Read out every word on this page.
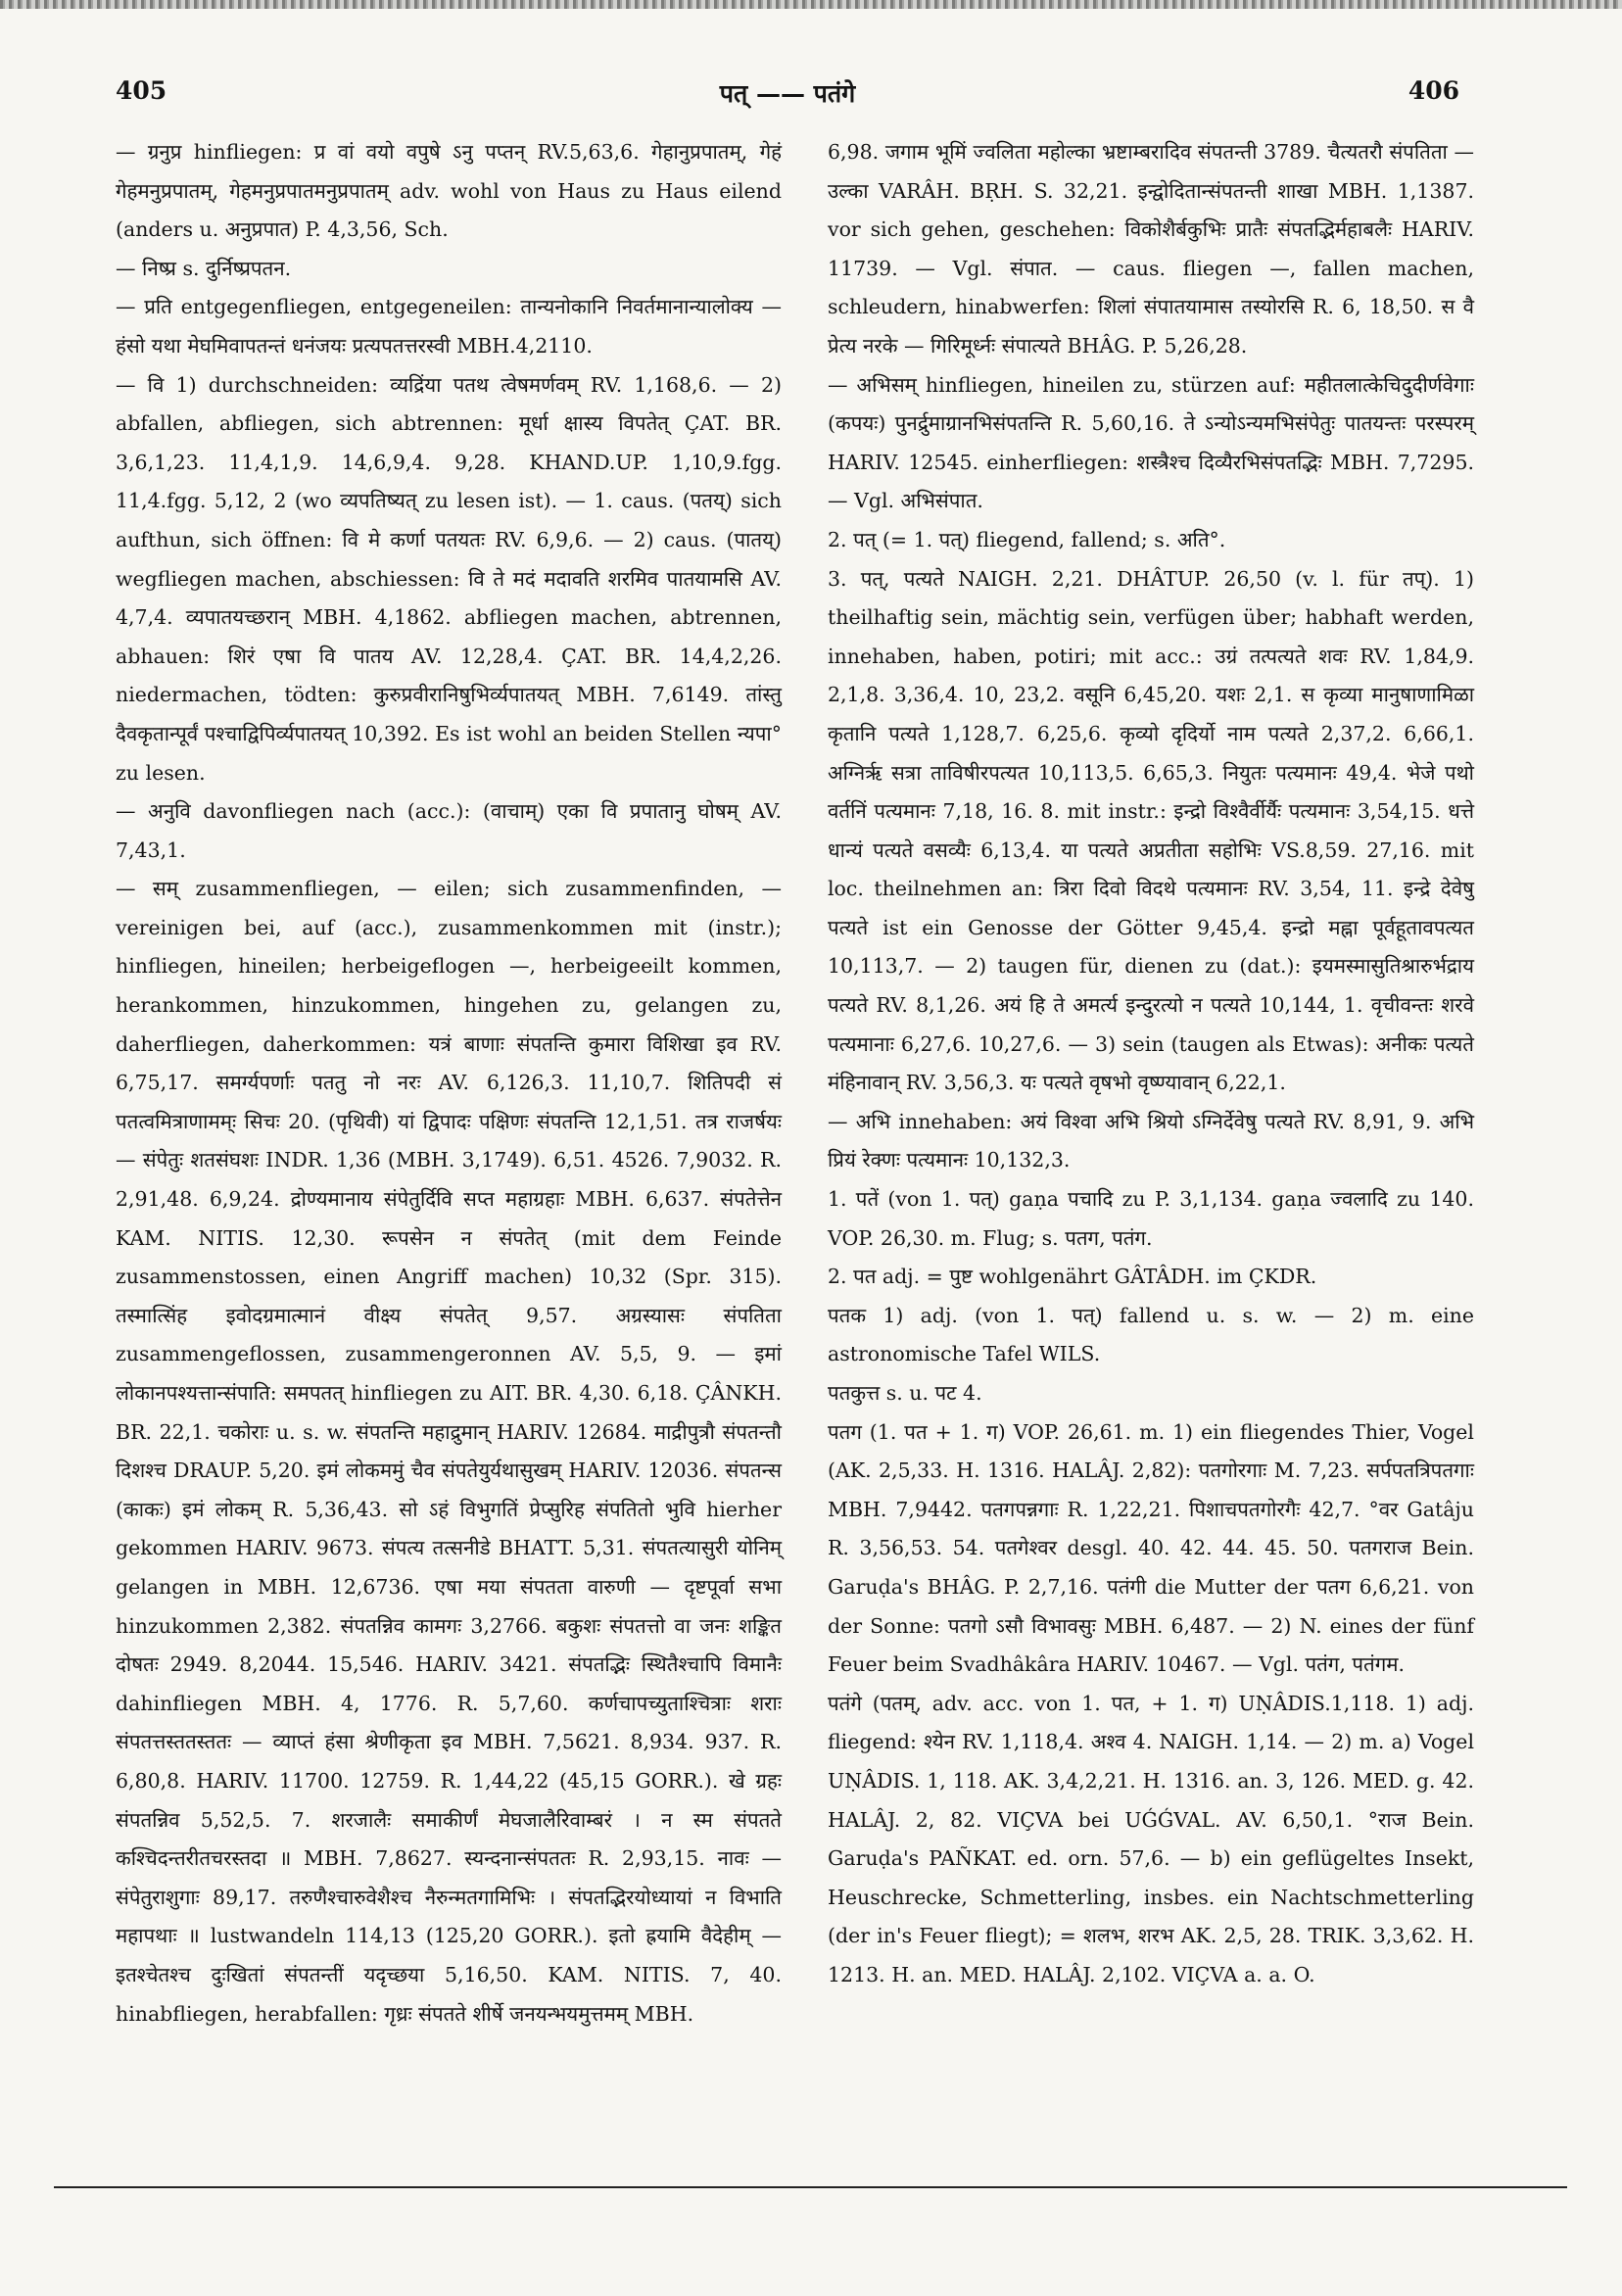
405	पत् —— पतंगे	406

— ग्रनुप्र hinfliegen: प्र वां वयो वपुषे ऽनु पप्तन् RV.5,63,6. गेहानुप्रपातम्, गेहं गेहमनुप्रपातम्, गेहमनुप्रपातमनुप्रपातम् adv. wohl von Haus zu Haus eilend (anders u. अनुप्रपात) P. 4,3,56, Sch.

— निष्प्र s. दुर्निष्प्रपतन.

— प्रति entgegenfliegen, entgegeneilen: तान्यनोकानि निवर्तमानान्यालोक्य — हंसो यथा मेघमिवापतन्तं धनंजयः प्रत्यपतत्तरस्वी MBH.4,2110.

— वि 1) durchschneiden: व्यद्रिंया पतथ त्वेषमर्णवम् RV. 1,168,6. — 2) abfallen, abfliegen, sich abtrennen: मूर्धा क्षास्य विपतेत् ÇAT. BR. 3,6,1,23. 11,4,1,9. 14,6,9,4. 9,28. KHAND.UP. 1,10,9.fgg. 11,4.fgg. 5,12, 2 (wo व्यपतिष्यत् zu lesen ist). — 1. caus. (पतय्) sich aufthun, sich öffnen: वि मे कर्णा पतयतः RV. 6,9,6. — 2) caus. (पातय्) wegfliegen machen, abschiessen: वि ते मदं मदावति शरमिव पातयामसि AV. 4,7,4. व्यपातयच्छरान् MBH. 4,1862. abfliegen machen, abtrennen, abhauen: शिरं एषा वि पातय AV. 12,28,4. ÇAT. BR. 14,4,2,26. niedermachen, tödten: कुरुप्रवीरानिषुभिर्व्यपातयत् MBH. 7,6149. तांस्तु दैवकृतान्पूर्वं पश्चाद्विपिर्व्यपातयत् 10,392. Es ist wohl an beiden Stellen न्यपा° zu lesen.

— अनुवि davonfliegen nach (acc.): (वाचाम्) एका वि प्रपातानु घोषम् AV. 7,43,1.

— सम् zusammenfliegen, — eilen; sich zusammenfinden, — vereinigen bei, auf (acc.), zusammenkommen mit (instr.); hinfliegen, hineilen; herbeigeflogen —, herbeigeeilt kommen, herankommen, hinzukommen, hingehen zu, gelangen zu, daherfliegen, daherkommen: यत्रं बाणाः संपतन्ति कुमारा विशिखा इव RV. 6,75,17. समर्ग्यपर्णाः पततु नो नरः AV. 6,126,3. 11,10,7. शितिपदी सं पतत्वमित्राणामम्ः सिचः 20. (पृथिवी) यां द्विपादः पक्षिणः संपतन्ति 12,1,51. तत्र राजर्षयः — संपेतुः शतसंघशः INDR. 1,36 (MBH. 3,1749). 6,51. 4526. 7,9032. R. 2,91,48. 6,9,24. द्रोण्यमानाय संपेतुर्दिवि सप्त महाग्रहाः MBH. 6,637. संपतेत्तेन KAM. NITIS. 12,30. रूपसेन न संपतेत् (mit dem Feinde zusammenstossen, einen Angriff machen) 10,32 (Spr. 315). तस्मात्सिंह इवोदग्रमात्मानं वीक्ष्य संपतेत् 9,57. अग्रस्यासः संपतिता zusammengeflossen, zusammengeronnen AV. 5,5, 9. — इमां लोकानपश्यत्तान्संपाति: समपतत् hinfliegen zu AIT. BR. 4,30. 6,18. ÇÂNKH. BR. 22,1. चकोराः u. s. w. संपतन्ति महाद्रुमान् HARIV. 12684. माद्रीपुत्रौ संपतन्तौ दिशश्च DRAUP. 5,20. इमं लोकममुं चैव संपतेयुर्यथासुखम् HARIV. 12036. संपतन्स (काकः) इमं लोकम् R. 5,36,43. सो ऽहं विभुगतिं प्रेप्सुरिह संपतितो भुवि hierher gekommen HARIV. 9673. संपत्य तत्सनीडे BHATT. 5,31. संपतत्यासुरी योनिम् gelangen in MBH. 12,6736. एषा मया संपतता वारुणी — दृष्टपूर्वा सभा hinzukommen 2,382. संपतन्निव कामगः 3,2766. बकुशः संपतत्तो वा जनः शङ्कित दोषतः 2949. 8,2044. 15,546. HARIV. 3421. संपतद्भिः स्थितैश्चापि विमानैः dahinfliegen MBH. 4, 1776. R. 5,7,60. कर्णचापच्युताश्चित्राः शराः संपतत्तस्ततस्ततः — व्याप्तं हंसा श्रेणीकृता इव MBH. 7,5621. 8,934. 937. R. 6,80,8. HARIV. 11700. 12759. R. 1,44,22 (45,15 GORR.). खे ग्रहः संपतन्निव 5,52,5. 7. शरजालैः समाकीर्णं मेघजालैरिवाम्बरं । न स्म संपतते कश्चिदन्तरीतचरस्तदा ॥ MBH. 7,8627. स्यन्दनान्संपततः R. 2,93,15. नावः — संपेतुराशुगाः 89,17. तरुणैश्चारुवेशैश्च नैरुन्मतगामिभिः । संपतद्भिरयोध्यायां न विभाति महापथाः ॥ lustwandeln 114,13 (125,20 GORR.). इतो ह्रयामि वैदेहीम् — इतश्चेतश्च दुःखितां संपतन्तीं यदृच्छया 5,16,50. KAM. NITIS. 7, 40. hinabfliegen, herabfallen: गृध्रः संपतते शीर्षे जनयन्भयमुत्तमम् MBH.

6,98. जगाम भूमिं ज्वलिता महोल्का भ्रष्टाम्बरादिव संपतन्ती 3789. चैत्यतरौ संपतिता — उल्का VARÂH. BṚH. S. 32,21. इन्द्वोदितान्संपतन्ती शाखा MBH. 1,1387. vor sich gehen, geschehen: विकोशैर्बकुभिः प्रातैः संपतद्भिर्महाबलैः HARIV. 11739. — Vgl. संपात. — caus. fliegen —, fallen machen, schleudern, hinabwerfen: शिलां संपातयामास तस्योरसि R. 6, 18,50. स वै प्रेत्य नरके — गिरिमूर्ध्नः संपात्यते BHÂG. P. 5,26,28.

— अभिसम् hinfliegen, hineilen zu, stürzen auf: महीतलात्केचिदुदीर्णवेगाः (कपयः) पुनर्द्रुमाग्रानभिसंपतन्ति R. 5,60,16. ते ऽन्योऽन्यमभिसंपेतुः पातयन्तः परस्परम् HARIV. 12545. einherfliegen: शस्त्रैश्च दिव्यैरभिसंपतद्भिः MBH. 7,7295. — Vgl. अभिसंपात.

2. पत् (= 1. पत्) fliegend, fallend; s. अति°.

3. पत्, पत्यते NAIGH. 2,21. DHÂTUP. 26,50 (v. l. für तप्). 1) theilhaftig sein, mächtig sein, verfügen über; habhaft werden, innehaben, haben, potiri; mit acc.: उग्रं तत्पत्यते शवः RV. 1,84,9. 2,1,8. 3,36,4. 10, 23,2. वसूनि 6,45,20. यशः 2,1. स कृव्या मानुषाणामिळा कृतानि पत्यते 1,128,7. 6,25,6. कृव्यो दृदिर्यो नाम पत्यते 2,37,2. 6,66,1. अग्निर्ऋ सत्रा ताविषीरपत्यत 10,113,5. 6,65,3. नियुतः पत्यमानः 49,4. भेजे पथो वर्तनिं पत्यमानः 7,18, 16. 8. mit instr.: इन्द्रो विश्वैर्वीर्यैः पत्यमानः 3,54,15. धत्ते धान्यं पत्यते वसव्यैः 6,13,4. या पत्यते अप्रतीता सहोभिः VS.8,59. 27,16. mit loc. theilnehmen an: त्रिरा दिवो विदथे पत्यमानः RV. 3,54, 11. इन्द्रे देवेषु पत्यते ist ein Genosse der Götter 9,45,4. इन्द्रो मह्ना पूर्वहूतावपत्यत 10,113,7. — 2) taugen für, dienen zu (dat.): इयमस्मासुतिश्रारुर्भद्राय पत्यते RV. 8,1,26. अयं हि ते अमर्त्य इन्दुरत्यो न पत्यते 10,144, 1. वृचीवन्तः शरवे पत्यमानाः 6,27,6. 10,27,6. — 3) sein (taugen als Etwas): अनीकः पत्यते मंहिनावान् RV. 3,56,3. यः पत्यते वृषभो वृष्ण्यावान् 6,22,1.

— अभि innehaben: अयं विश्वा अभि श्रियो ऽग्निर्देवेषु पत्यते RV. 8,91, 9. अभि प्रियं रेक्णः पत्यमानः 10,132,3.

1. पतें (von 1. पत्) gaṇa पचादि zu P. 3,1,134. gaṇa ज्वलादि zu 140. VOP. 26,30. m. Flug; s. पतग, पतंग.

2. पत adj. = पुष्ट wohlgenährt GÂTÂDH. im ÇKDR.

पतक 1) adj. (von 1. पत्) fallend u. s. w. — 2) m. eine astronomische Tafel WILS.

पतकुत्त s. u. पट 4.

पतग (1. पत + 1. ग) VOP. 26,61. m. 1) ein fliegendes Thier, Vogel (AK. 2,5,33. H. 1316. HALÂJ. 2,82): पतगोरगाः M. 7,23. सर्पपतत्रिपतगाः MBH. 7,9442. पतगपन्नगाः R. 1,22,21. पिशाचपतगोरगैः 42,7. °वर Gatâju R. 3,56,53. 54. पतगेश्वर desgl. 40. 42. 44. 45. 50. पतगराज Bein. Garuḍa's BHÂG. P. 2,7,16. पतंगी die Mutter der पतग 6,6,21. von der Sonne: पतगो ऽसौ विभावसुः MBH. 6,487. — 2) N. eines der fünf Feuer beim Svadhâkâra HARIV. 10467. — Vgl. पतंग, पतंगम.

पतंगे (पतम्, adv. acc. von 1. पत, + 1. ग) UṆÂDIS.1,118. 1) adj. fliegend: श्येन RV. 1,118,4. अश्व 4. NAIGH. 1,14. — 2) m. a) Vogel UṆÂDIS. 1, 118. AK. 3,4,2,21. H. 1316. an. 3, 126. MED. g. 42. HALÂJ. 2, 82. VIÇVA bei UǴǴVAL. AV. 6,50,1. °राज Bein. Garuḍa's PAÑKAT. ed. orn. 57,6. — b) ein geflügeltes Insekt, Heuschrecke, Schmetterling, insbes. ein Nachtschmetterling (der in's Feuer fliegt); = शलभ, शरभ AK. 2,5, 28. TRIK. 3,3,62. H. 1213. H. an. MED. HALÂJ. 2,102. VIÇVA a. a. O.
